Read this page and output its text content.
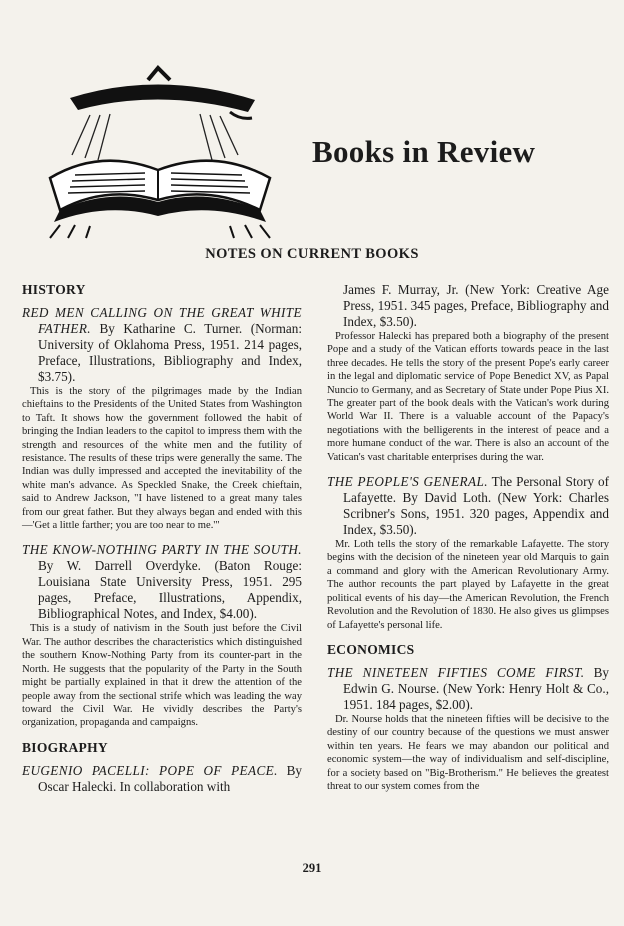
Books in Review
NOTES ON CURRENT BOOKS
HISTORY

RED MEN CALLING ON THE GREAT WHITE FATHER. By Katharine C. Turner. (Norman: University of Oklahoma Press, 1951. 214 pages, Preface, Illustrations, Bibliography and Index, $3.75).

This is the story of the pilgrimages made by the Indian chieftains to the Presidents of the United States from Washington to Taft. It shows how the government followed the habit of bringing the Indian leaders to the capitol to impress them with the strength and resources of the white men and the futility of resistance. The results of these trips were generally the same. The Indian was dully impressed and accepted the inevitability of the white man's advance. As Speckled Snake, the Creek chieftain, said to Andrew Jackson, "I have listened to a great many tales from our great father. But they always began and ended with this—'Get a little farther; you are too near to me.'"

THE KNOW-NOTHING PARTY IN THE SOUTH. By W. Darrell Overdyke. (Baton Rouge: Louisiana State University Press, 1951. 295 pages, Preface, Illustrations, Appendix, Bibliographical Notes, and Index, $4.00).

This is a study of nativism in the South just before the Civil War. The author describes the characteristics which distinguished the southern Know-Nothing Party from its counter-part in the North. He suggests that the popularity of the Party in the South might be partially explained in that it drew the attention of the people away from the sectional strife which was leading the way toward the Civil War. He vividly describes the Party's organization, propaganda and campaigns.

BIOGRAPHY

EUGENIO PACELLI: POPE OF PEACE. By Oscar Halecki. In collaboration with

James F. Murray, Jr. (New York: Creative Age Press, 1951. 345 pages, Preface, Bibliography and Index, $3.50).

Professor Halecki has prepared both a biography of the present Pope and a study of the Vatican efforts towards peace in the last three decades. He tells the story of the present Pope's early career in the legal and diplomatic service of Pope Benedict XV, as Papal Nuncio to Germany, and as Secretary of State under Pope Pius XI. The greater part of the book deals with the Vatican's work during World War II. There is a valuable account of the Papacy's negotiations with the belligerents in the interest of peace and a more humane conduct of the war. There is also an account of the Vatican's vast charitable enterprises during the war.

THE PEOPLE'S GENERAL. The Personal Story of Lafayette. By David Loth. (New York: Charles Scribner's Sons, 1951. 320 pages, Appendix and Index, $3.50).

Mr. Loth tells the story of the remarkable Lafayette. The story begins with the decision of the nineteen year old Marquis to gain a command and glory with the American Revolutionary Army. The author recounts the part played by Lafayette in the great political events of his day—the American Revolution, the French Revolution and the Revolution of 1830. He also gives us glimpses of Lafayette's personal life.

ECONOMICS

THE NINETEEN FIFTIES COME FIRST. By Edwin G. Nourse. (New York: Henry Holt & Co., 1951. 184 pages, $2.00).

Dr. Nourse holds that the nineteen fifties will be decisive to the destiny of our country because of the questions we must answer within ten years. He fears we may abandon our political and economic system—the way of individualism and self-discipline, for a society based on "Big-Brotherism." He believes the greatest threat to our system comes from the

291
